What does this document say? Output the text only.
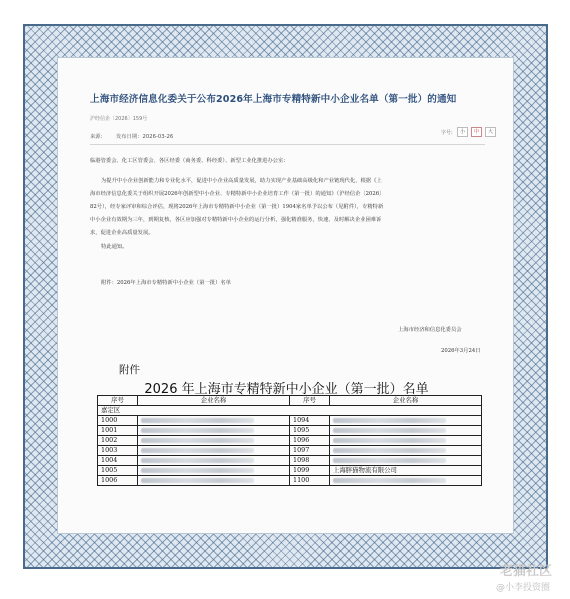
上海市经济信息化委关于公布2026年上海市专精特新中小企业名单（第一批）的通知
沪经信企〔2026〕159号
来源:	发布日期：2026-03-26
字号:	小	中	大
临港管委会、化工区管委会、各区经委（商务委、科经委）、新型工业化推进办公室:
为提升中小企业创新能力和专业化水平，促进中小企业高质量发展，助力实现产业基础高级化和产业链现代化，根据《上
海市经济信息化委关于组织开展2026年创新型中小企业、专精特新中小企业培育工作（第一批）的通知》（沪经信企〔2026〕
82号），经专家评审和综合评估，现将2026年上海市专精特新中小企业（第一批）1904家名单予以公布（见附件），专精特新
中小企业有效期为三年，到期复核，各区应加强对专精特新中小企业的运行分析，强化精准服务，快速、及时解决企业困难诉
求，促进企业高质量发展。
特此通知。
附件：2026年上海市专精特新中小企业（第一批）名单
上海市经济和信息化委员会
2026年3月24日
附件
2026 年上海市专精特新中小企业（第一批）名单
序号	企业名称	序号	企业名称
嘉定区			
1000		1094	
1001		1095	
1002		1096	
1003		1097	
1004		1098	
1005		1099	上海胖猫物流有限公司
1006		1100	
老猫社区
@小李投资圈
